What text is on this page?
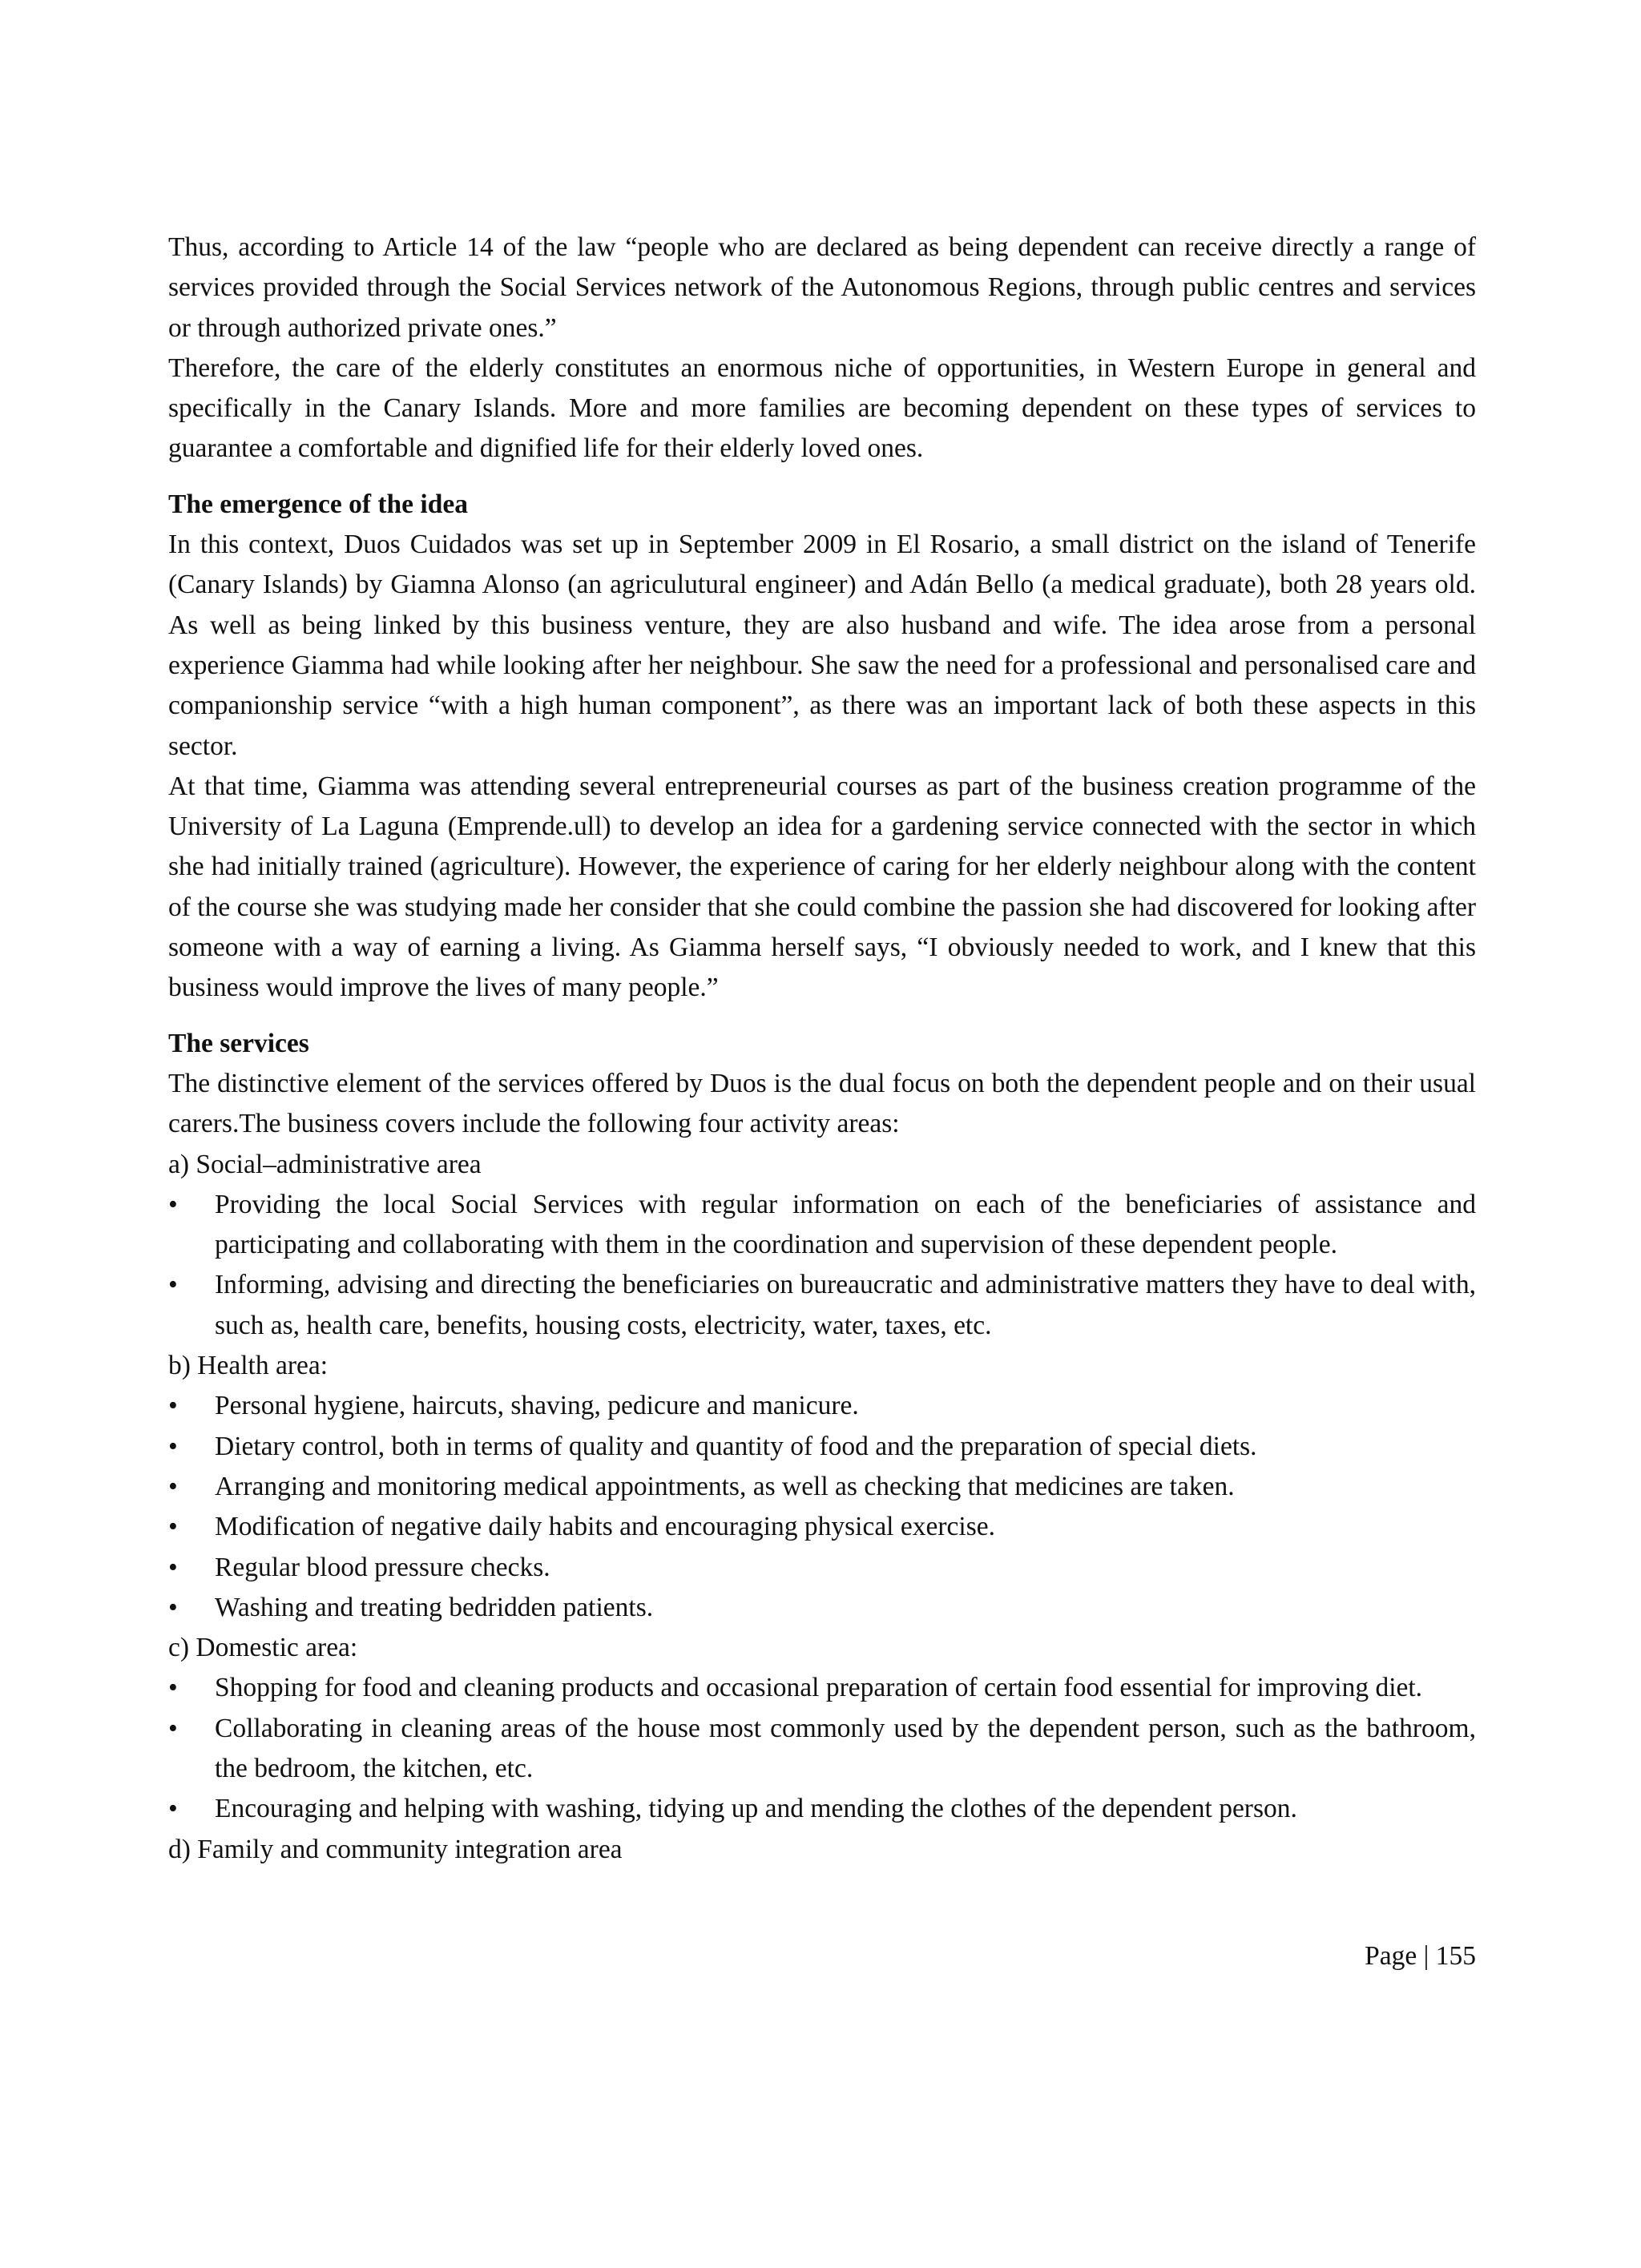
Thus, according to Article 14 of the law “people who are declared as being dependent can receive directly a range of services provided through the Social Services network of the Autonomous Regions, through public centres and services or through authorized private ones.”

Therefore, the care of the elderly constitutes an enormous niche of opportunities, in Western Europe in general and specifically in the Canary Islands. More and more families are becoming dependent on these types of services to guarantee a comfortable and dignified life for their elderly loved ones.

The emergence of the idea

In this context, Duos Cuidados was set up in September 2009 in El Rosario, a small district on the island of Tenerife (Canary Islands) by Giamna Alonso (an agriculutural engineer) and Adán Bello (a medical graduate), both 28 years old. As well as being linked by this business venture, they are also husband and wife. The idea arose from a personal experience Giamma had while looking after her neighbour. She saw the need for a professional and personalised care and companionship service “with a high human component”, as there was an important lack of both these aspects in this sector.

At that time, Giamma was attending several entrepreneurial courses as part of the business creation programme of the University of La Laguna (Emprende.ull) to develop an idea for a gardening service connected with the sector in which she had initially trained (agriculture). However, the experience of caring for her elderly neighbour along with the content of the course she was studying made her consider that she could combine the passion she had discovered for looking after someone with a way of earning a living. As Giamma herself says, “I obviously needed to work, and I knew that this business would improve the lives of many people.”

The services

The distinctive element of the services offered by Duos is the dual focus on both the dependent people and on their usual carers.The business covers include the following four activity areas:

a) Social–administrative area

• Providing the local Social Services with regular information on each of the beneficiaries of assistance and participating and collaborating with them in the coordination and supervision of these dependent people.
• Informing, advising and directing the beneficiaries on bureaucratic and administrative matters they have to deal with, such as, health care, benefits, housing costs, electricity, water, taxes, etc.

b) Health area:

• Personal hygiene, haircuts, shaving, pedicure and manicure.
• Dietary control, both in terms of quality and quantity of food and the preparation of special diets.
• Arranging and monitoring medical appointments, as well as checking that medicines are taken.
• Modification of negative daily habits and encouraging physical exercise.
• Regular blood pressure checks.
• Washing and treating bedridden patients.

c) Domestic area:

• Shopping for food and cleaning products and occasional preparation of certain food essential for improving diet.
• Collaborating in cleaning areas of the house most commonly used by the dependent person, such as the bathroom, the bedroom, the kitchen, etc.
• Encouraging and helping with washing, tidying up and mending the clothes of the dependent person.

d) Family and community integration area

Page | 155
